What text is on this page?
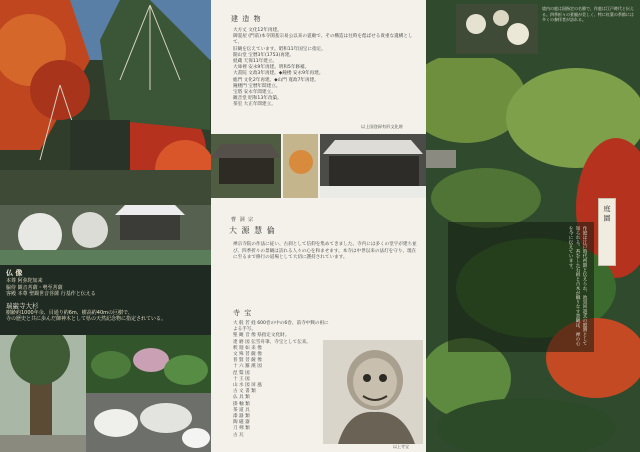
仏 像
本尊 阿弥陀如来
脇侍 観音菩薩・勢至菩薩
客殿 本尊 聖観世音菩薩 行基作と伝える
瑞巌寺大杉
樹齢約1000年余、目通り約6m、樹高約40mの巨樹で、
寺の歴史と共に歩んだ御神木として県の天然記念物に指定されている。
建 造 物
大方丈 文化12年再建。
御霊屋 (門前)本寺開基宗易公以来の霊廟で、その構造は往時を偲ばせる貴重な遺構として、
旧観を伝えています。昭和11年国宝に指定。
開山堂 宝暦3年(1753)再建。
経蔵 天保11年建立。
大庫裡 安永9年再建。明和5年修補。
大書院 文政3年再建。◆鐘楼 安永9年再建。
総門 文化2年再建。◆山門 寛政7年再建。
鐘楼門 宝暦年間建立。
宝塔 安永年間建立。
観音堂 昭和13年改築。
茶室 大正年間建立。
以上国登録有形文化財
曹 洞 宗
大 源 慧 倫
禅宗寺院の作法に従い、古刹として信仰を集めてきました。寺内には多くの堂宇が建ち並び、四季折々の景観は訪れる人々の心を和ませます。本寺は中世以来の法灯を守り、現在に至るまで修行の道場として大切に護持されています。
寺 宝
大 般 若 経 600巻の中の6巻、前寺中興の祖による手写。
聖 観 音 像 県指定文化財。
達 磨 図 伝雪舟筆、寺宝として伝来。
釈 迦 如 来 像
文 殊 菩 薩 像
普 賢 菩 薩 像
十 六 羅 漢 図
涅 槃 図
十 王 図
山 水 図 屏 風
古 文 書 類
仏 具 類
掛 軸 類
茶 道 具
漆 器 類
陶 磁 器
刀 剣 類
古 瓦
以上寺宝
境内の庭は国指定の名勝で、作庭は江戸時代と伝える。四季折々の景観が美しく、特に紅葉の季節には多くの参拝者が訪れる。
庭 園
作庭は江戸時代初期と伝えられ、池泉回遊式の庭園として知られる。苔むした石組と古木が織りなす景観は、禅の心を今に伝えています。
